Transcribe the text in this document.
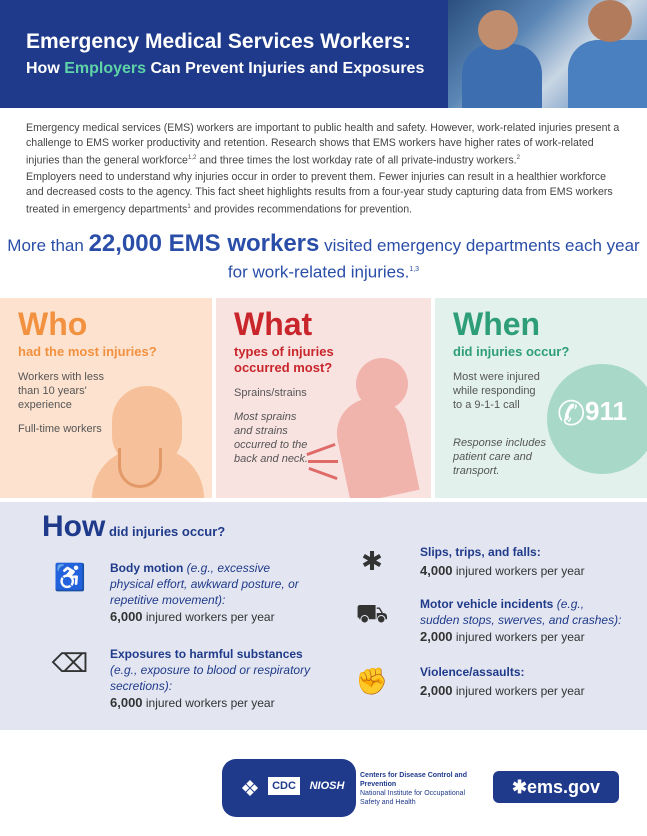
Emergency Medical Services Workers:
How Employers Can Prevent Injuries and Exposures
Emergency medical services (EMS) workers are important to public health and safety. However, work-related injuries present a challenge to EMS worker productivity and retention. Research shows that EMS workers have higher rates of work-related injuries than the general workforce$^{1,2}$ and three times the lost workday rate of all private-industry workers.$^2$
Employers need to understand why injuries occur in order to prevent them. Fewer injuries can result in a healthier workforce and decreased costs to the agency. This fact sheet highlights results from a four-year study capturing data from EMS workers treated in emergency departments$^1$ and provides recommendations for prevention.
More than 22,000 EMS workers visited emergency departments each year for work-related injuries.$^{1,3}$
Who
had the most injuries?
Workers with less than 10 years' experience
Full-time workers
What
types of injuries occurred most?
Sprains/strains
Most sprains and strains occurred to the back and neck.
✆ 911
When
did injuries occur?
Most were injured while responding to a 9-1-1 call
Response includes patient care and transport.
How did injuries occur?
♿	Body motion (e.g., excessive
physical effort, awkward posture, or repetitive movement):
6,000 injured workers per year
⌫	Exposures to harmful substances
(e.g., exposure to blood or respiratory secretions):
6,000 injured workers per year
✱	Slips, trips, and falls:
4,000 injured workers per year
⛟	Motor vehicle incidents (e.g.,
sudden stops, swerves, and crashes):
2,000 injured workers per year
✊	Violence/assaults:
2,000 injured workers per year
❖	CDC	NIOSH
Centers for Disease Control and Prevention
National Institute for Occupational Safety and Health
✱ems.gov
